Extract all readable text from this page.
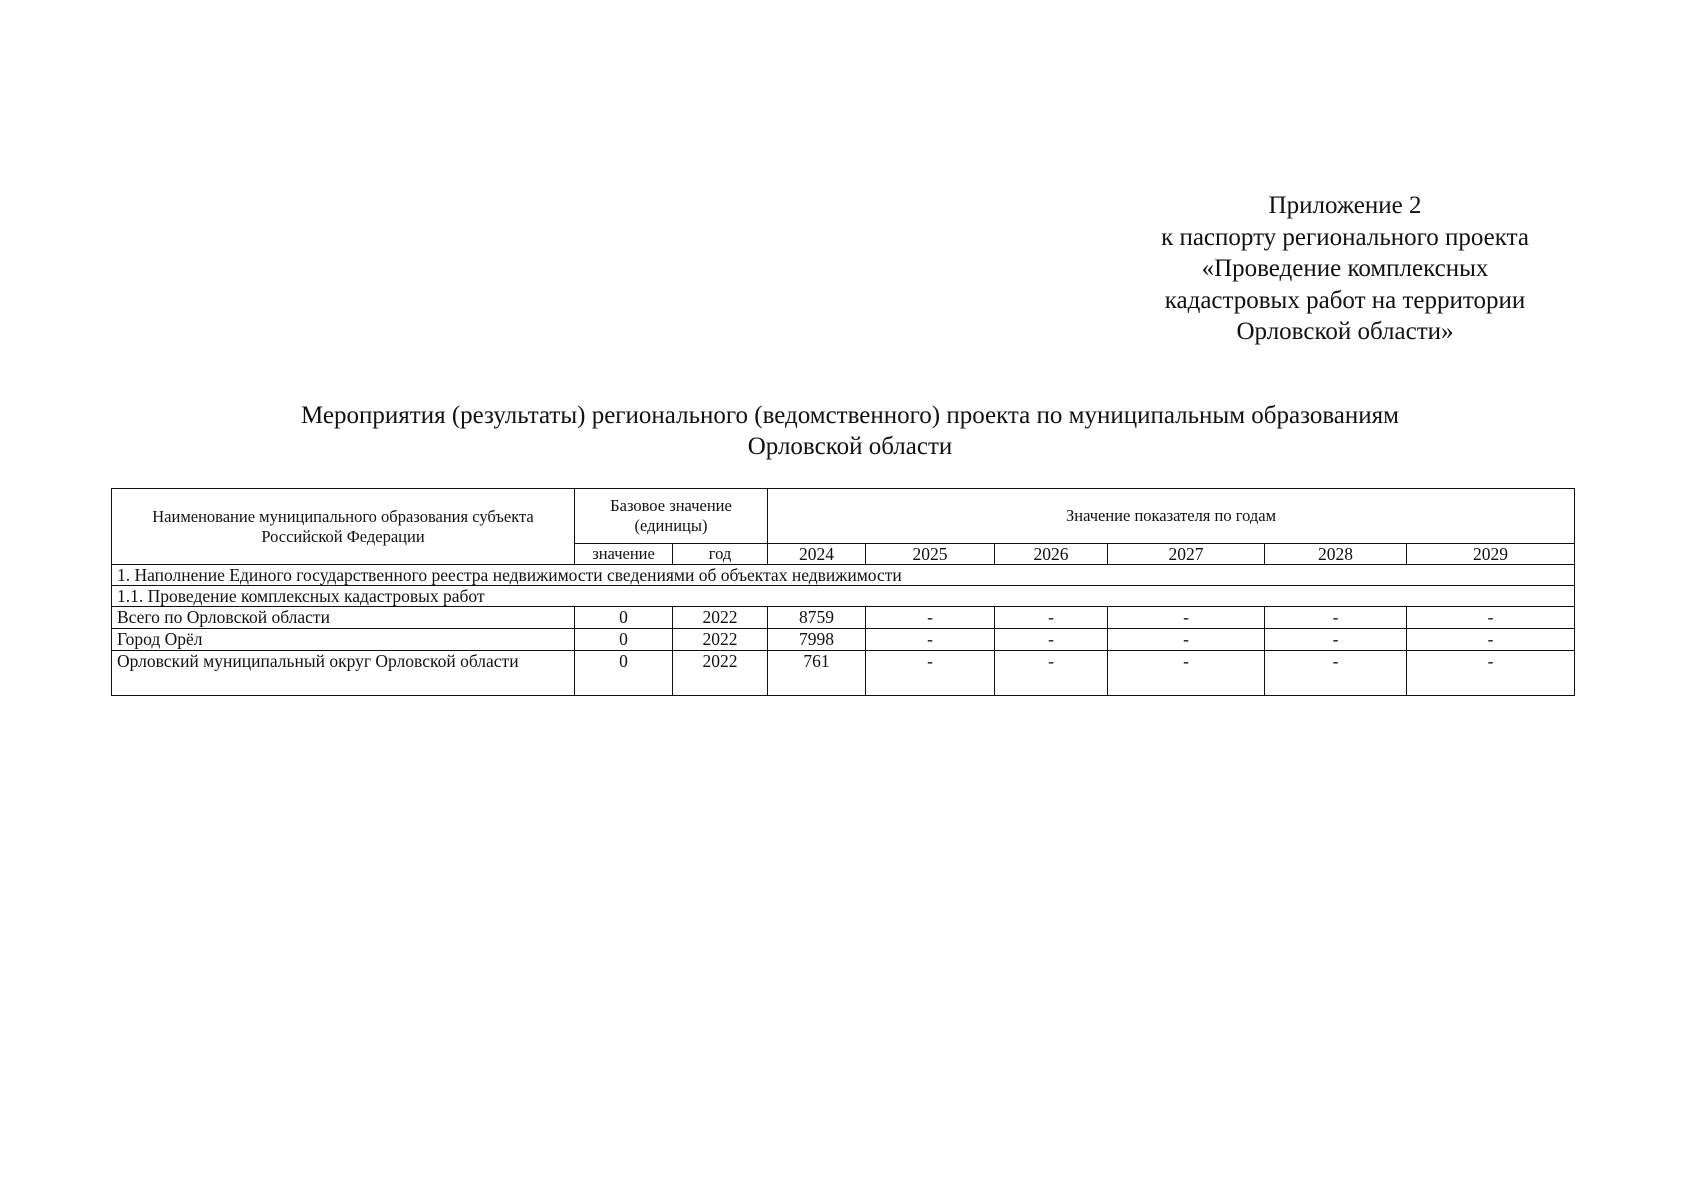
Приложение 2
к паспорту регионального проекта
«Проведение комплексных
кадастровых работ на территории
Орловской области»
Мероприятия (результаты) регионального (ведомственного) проекта по муниципальным образованиям
Орловской области
Наименование муниципального образования субъекта Российской Федерации	Базовое значение (единицы)		Значение показателя по годам					
	значение	год	2024	2025	2026	2027	2028	2029
1. Наполнение Единого государственного реестра недвижимости сведениями об объектах недвижимости								
1.1. Проведение комплексных кадастровых работ								
Всего по Орловской области	0	2022	8759	-	-	-	-	-
Город Орёл	0	2022	7998	-	-	-	-	-
Орловский муниципальный округ Орловской области	0	2022	761	-	-	-	-	-
